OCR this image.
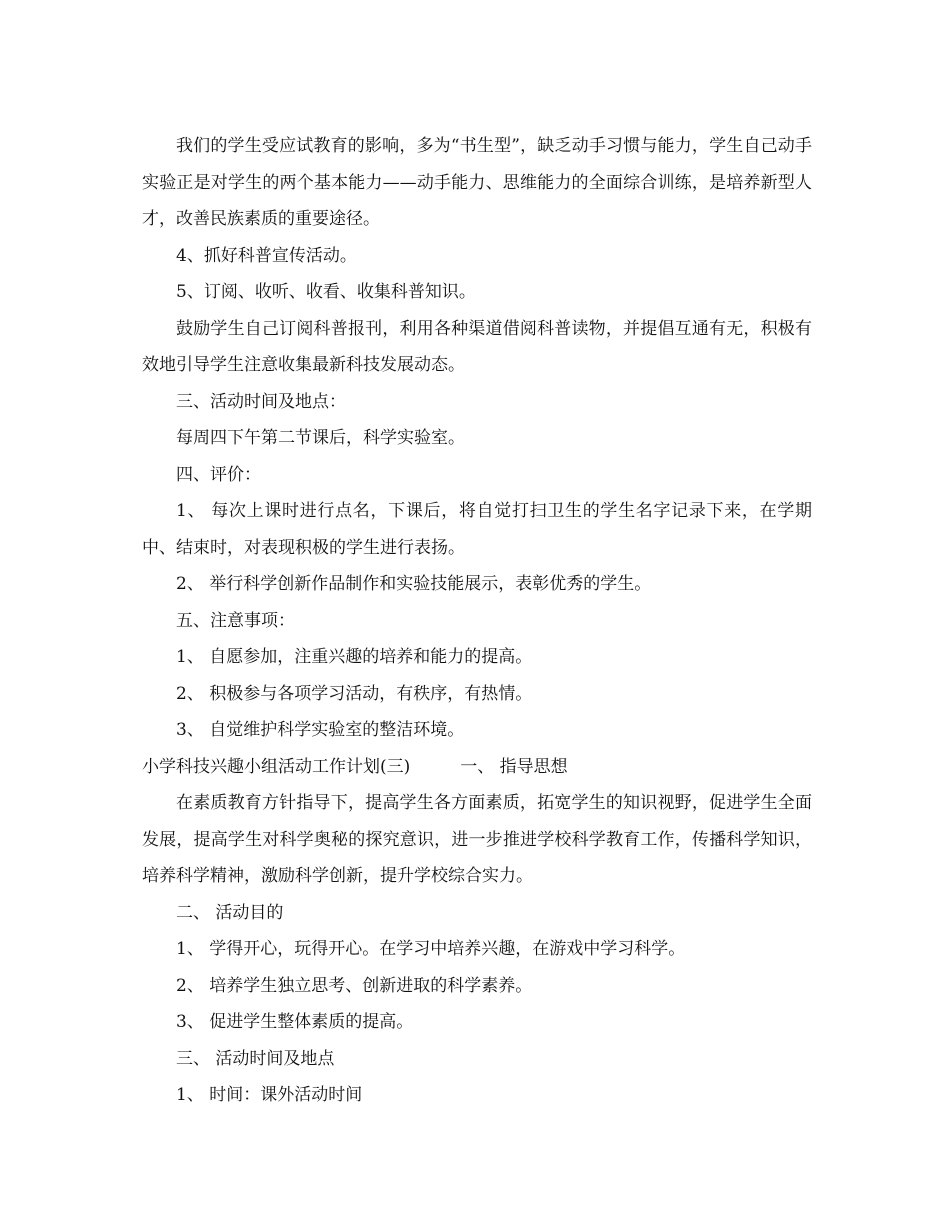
我们的学生受应试教育的影响，多为“书生型”，缺乏动手习惯与能力，学生自己动手实验正是对学生的两个基本能力——动手能力、思维能力的全面综合训练，是培养新型人才，改善民族素质的重要途径。

4、抓好科普宣传活动。

5、订阅、收听、收看、收集科普知识。

鼓励学生自己订阅科普报刊，利用各种渠道借阅科普读物，并提倡互通有无，积极有效地引导学生注意收集最新科技发展动态。

三、活动时间及地点：

每周四下午第二节课后，科学实验室。

四、评价：

1、 每次上课时进行点名，下课后，将自觉打扫卫生的学生名字记录下来，在学期中、结束时，对表现积极的学生进行表扬。

2、 举行科学创新作品制作和实验技能展示，表彰优秀的学生。

五、注意事项：

1、 自愿参加，注重兴趣的培养和能力的提高。

2、 积极参与各项学习活动，有秩序，有热情。

3、 自觉维护科学实验室的整洁环境。

小学科技兴趣小组活动工作计划(三)	一、 指导思想

在素质教育方针指导下，提高学生各方面素质，拓宽学生的知识视野，促进学生全面发展，提高学生对科学奥秘的探究意识，进一步推进学校科学教育工作，传播科学知识，培养科学精神，激励科学创新，提升学校综合实力。

二、 活动目的

1、 学得开心，玩得开心。在学习中培养兴趣，在游戏中学习科学。

2、 培养学生独立思考、创新进取的科学素养。

3、 促进学生整体素质的提高。

三、 活动时间及地点

1、 时间：课外活动时间
